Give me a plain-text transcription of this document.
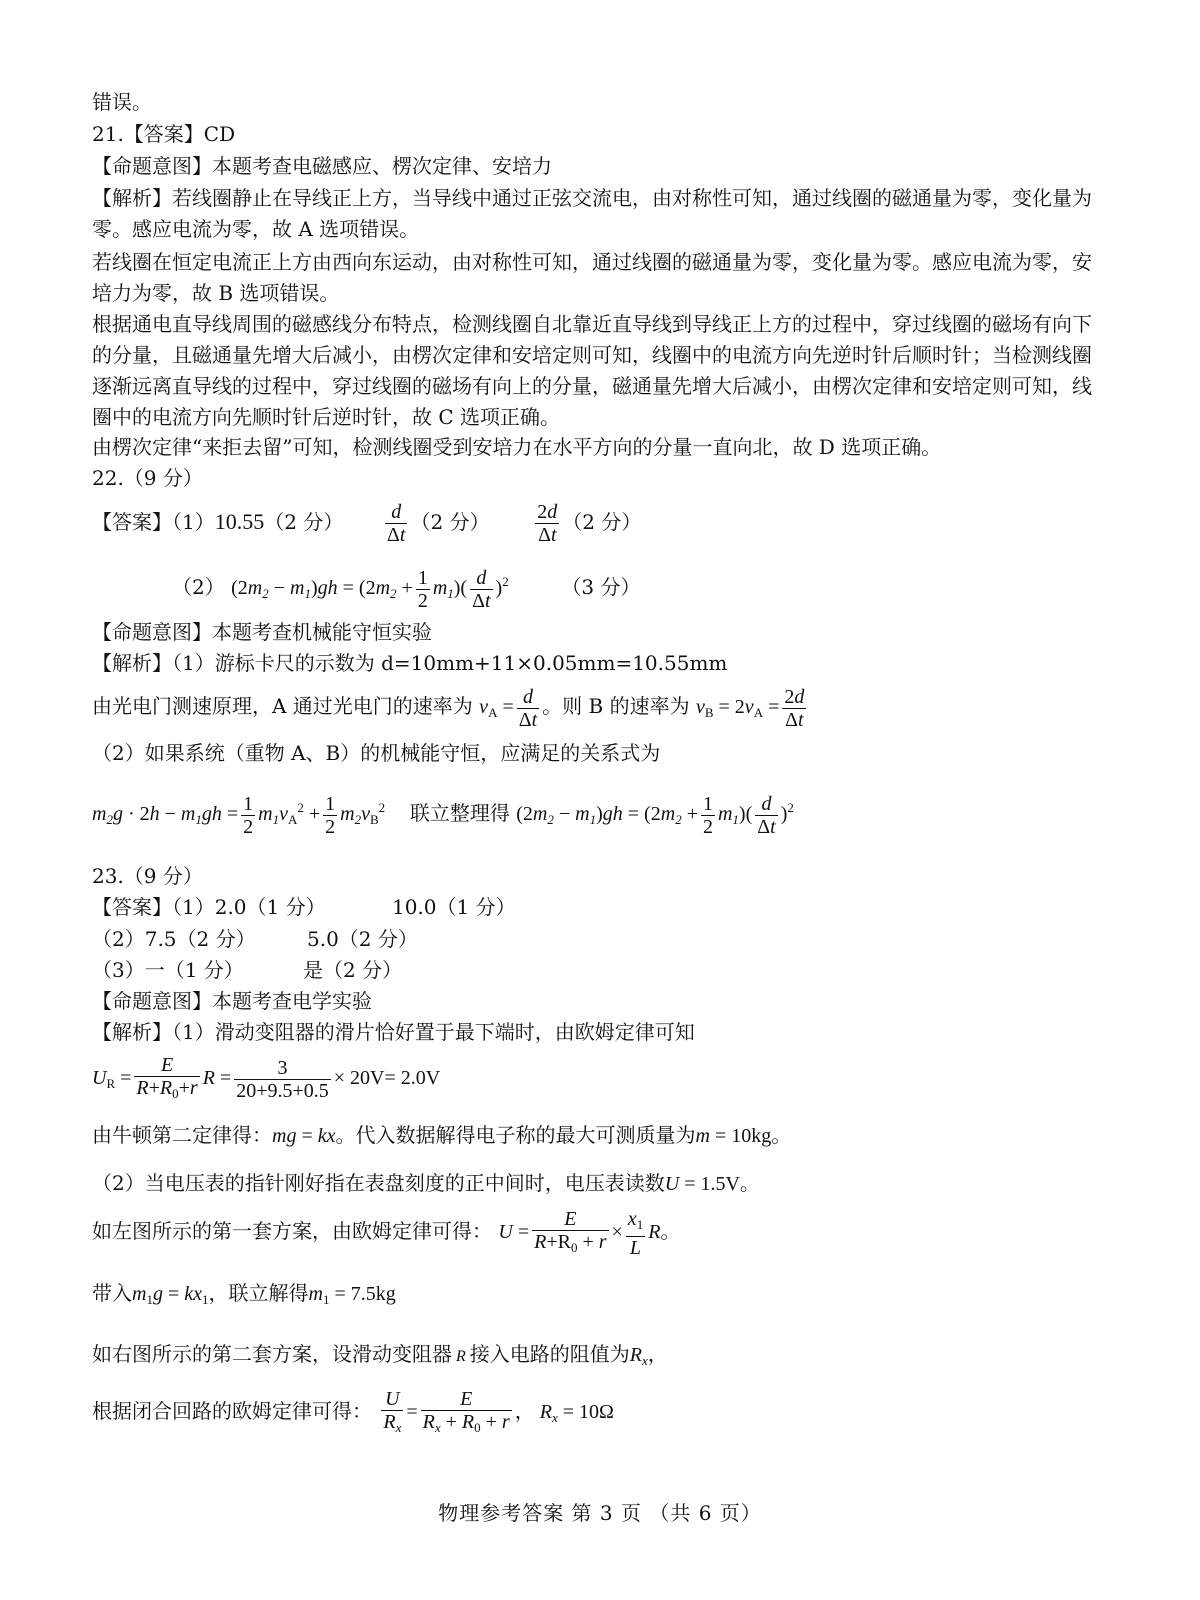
错误。
21.【答案】CD
【命题意图】本题考查电磁感应、楞次定律、安培力
【解析】若线圈静止在导线正上方，当导线中通过正弦交流电，由对称性可知，通过线圈的磁通量为零，变化量为零。感应电流为零，故 A 选项错误。
若线圈在恒定电流正上方由西向东运动，由对称性可知，通过线圈的磁通量为零，变化量为零。感应电流为零，安培力为零，故 B 选项错误。
根据通电直导线周围的磁感线分布特点，检测线圈自北靠近直导线到导线正上方的过程中，穿过线圈的磁场有向下的分量，且磁通量先增大后减小，由楞次定律和安培定则可知，线圈中的电流方向先逆时针后顺时针；当检测线圈逐渐远离直导线的过程中，穿过线圈的磁场有向上的分量，磁通量先增大后减小，由楞次定律和安培定则可知，线圈中的电流方向先顺时针后逆时针，故 C 选项正确。
由楞次定律“来拒去留”可知，检测线圈受到安培力在水平方向的分量一直向北，故 D 选项正确。
22.（9 分）
【答案】（1）10.55（2 分） $\frac{d}{\Delta t} (2$ 分） $\frac{2d}{\Delta t} (2$ 分）
（2） $(2m_2 - m_1)gh = (2m_2 + \frac{1}{2} m_1)( \frac{d}{\Delta t} )^2$	（3 分）
【命题意图】本题考查机械能守恒实验
【解析】（1）游标卡尺的示数为 d=10mm+11×0.05mm=10.55mm
由光电门测速原理，A 通过光电门的速率为 $v_A = \frac{d}{\Delta t}$ 。则 B 的速率为 $v_B = 2v_A = \frac{2d}{\Delta t}$
（2）如果系统（重物 A、B）的机械能守恒，应满足的关系式为
$m_2g \cdot 2h - m_1gh = \frac{1}{2} m_1v_A^2 + \frac{1}{2} m_2v_B^2$ 联立整理得 $(2m_2 - m_1)gh = (2m_2 + \frac{1}{2} m_1)( \frac{d}{\Delta t} )^2$
23.（9 分）
【答案】（1）2.0（1 分）	10.0（1 分）
（2）7.5（2 分）	5.0（2 分）
（3）一（1 分）	是（2 分）
【命题意图】本题考查电学实验
【解析】（1）滑动变阻器的滑片恰好置于最下端时，由欧姆定律可知
$U_R = \frac{E}{R+R_0+r}$ $R = \frac{3}{20+9.5+0.5} \times 20V= 2.0V$
由牛顿第二定律得：mg = kx。代入数据解得电子称的最大可测质量为m = 10kg。
（2）当电压表的指针刚好指在表盘刻度的正中间时，电压表读数U = 1.5V。
如左图所示的第一套方案，由欧姆定律可得： $U = \frac{E}{R+R_0 + r} \times \frac{x_1}{L}$ R。
带入$m_1g = kx_1$，联立解得$m_1 = 7.5kg$
如右图所示的第二套方案，设滑动变阻器 R 接入电路的阻值为$R_x$，
根据闭合回路的欧姆定律可得： $\frac{U}{R_x} = \frac{E}{R_x + R_0 + r}$ ， $R_x = 10\Omega$
物理参考答案 第 3 页 （共 6 页）
